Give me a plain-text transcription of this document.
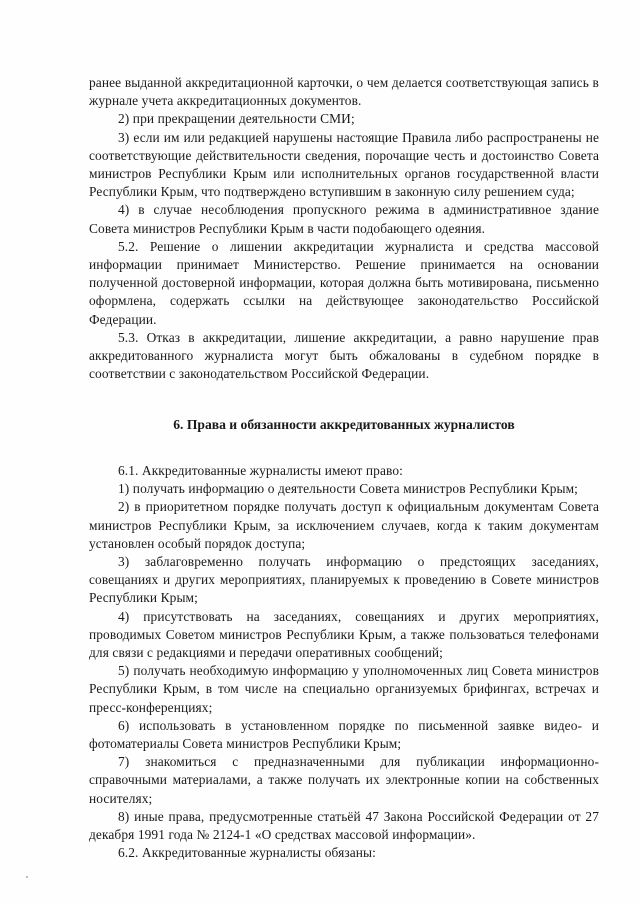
ранее выданной аккредитационной карточки, о чем делается соответствующая запись в журнале учета аккредитационных документов.

2) при прекращении деятельности СМИ;

3) если им или редакцией нарушены настоящие Правила либо распространены не соответствующие действительности сведения, порочащие честь и достоинство Совета министров Республики Крым или исполнительных органов государственной власти Республики Крым, что подтверждено вступившим в законную силу решением суда;

4) в случае несоблюдения пропускного режима в административное здание Совета министров Республики Крым в части подобающего одеяния.

5.2. Решение о лишении аккредитации журналиста и средства массовой информации принимает Министерство. Решение принимается на основании полученной достоверной информации, которая должна быть мотивирована, письменно оформлена, содержать ссылки на действующее законодательство Российской Федерации.

5.3. Отказ в аккредитации, лишение аккредитации, а равно нарушение прав аккредитованного журналиста могут быть обжалованы в судебном порядке в соответствии с законодательством Российской Федерации.

6. Права и обязанности аккредитованных журналистов

6.1. Аккредитованные журналисты имеют право:

1) получать информацию о деятельности Совета министров Республики Крым;

2) в приоритетном порядке получать доступ к официальным документам Совета министров Республики Крым, за исключением случаев, когда к таким документам установлен особый порядок доступа;

3) заблаговременно получать информацию о предстоящих заседаниях, совещаниях и других мероприятиях, планируемых к проведению в Совете министров Республики Крым;

4) присутствовать на заседаниях, совещаниях и других мероприятиях, проводимых Советом министров Республики Крым, а также пользоваться телефонами для связи с редакциями и передачи оперативных сообщений;

5) получать необходимую информацию у уполномоченных лиц Совета министров Республики Крым, в том числе на специально организуемых брифингах, встречах и пресс-конференциях;

6) использовать в установленном порядке по письменной заявке видео- и фотоматериалы Совета министров Республики Крым;

7) знакомиться с предназначенными для публикации информационно-справочными материалами, а также получать их электронные копии на собственных носителях;

8) иные права, предусмотренные статьёй 47 Закона Российской Федерации от 27 декабря 1991 года № 2124-1 «О средствах массовой информации».

6.2. Аккредитованные журналисты обязаны:
